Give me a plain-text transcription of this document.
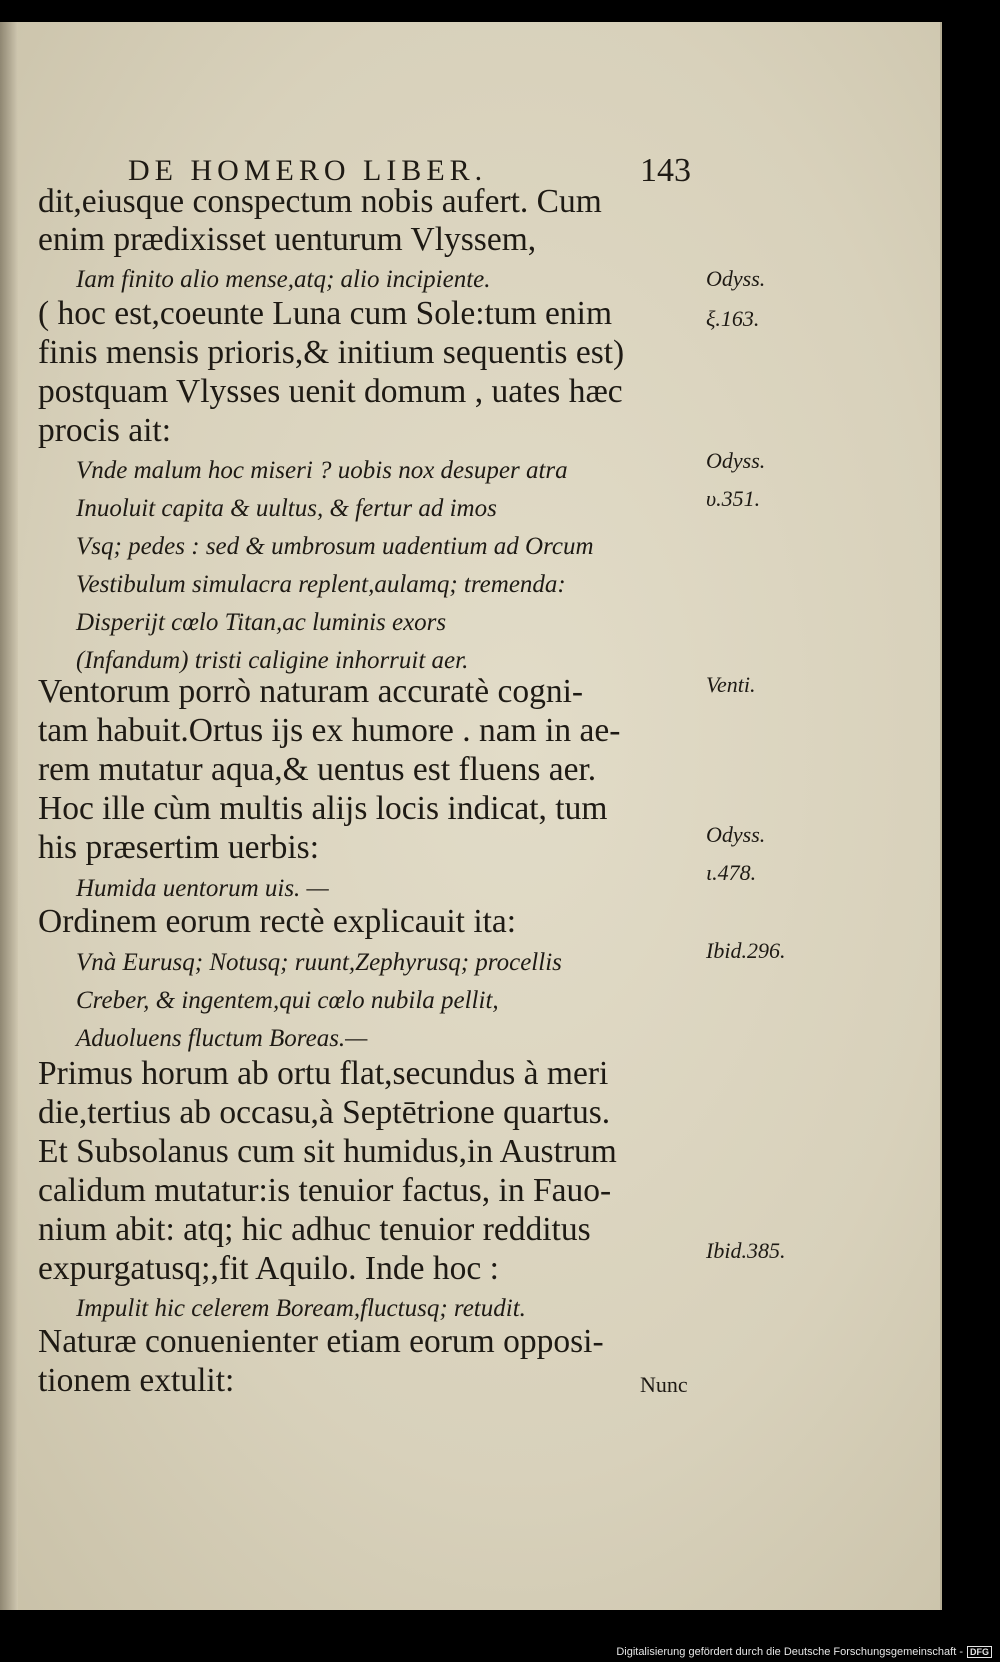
DE HOMERO LIBER.	143

dit,eiusque conspectum nobis aufert. Cum

enim prædixisset uenturum Vlyssem,

Iam finito alio mense,atq; alio incipiente.

( hoc est,coeunte Luna cum Sole:tum enim

finis mensis prioris,& initium sequentis est)

postquam Vlysses uenit domum , uates hæc

procis ait:

Vnde malum hoc miseri ? uobis nox desuper atra

Inuoluit capita & uultus, & fertur ad imos

Vsq; pedes : sed & umbrosum uadentium ad Orcum

Vestibulum simulacra replent,aulamq; tremenda:

Disperijt cœlo Titan,ac luminis exors

(Infandum) tristi caligine inhorruit aer.

Ventorum porrò naturam accuratè cogni-

tam habuit.Ortus ijs ex humore . nam in ae-

rem mutatur aqua,& uentus est fluens aer.

Hoc ille cùm multis alijs locis indicat, tum

his præsertim uerbis:

Humida uentorum uis. —

Ordinem eorum rectè explicauit ita:

Vnà Eurusq; Notusq; ruunt,Zephyrusq; procellis

Creber, & ingentem,qui cœlo nubila pellit,

Aduoluens fluctum Boreas.—

Primus horum ab ortu flat,secundus à meri

die,tertius ab occasu,à Septētrione quartus.

Et Subsolanus cum sit humidus,in Austrum

calidum mutatur:is tenuior factus, in Fauo-

nium abit: atq; hic adhuc tenuior redditus

expurgatusq;,fit Aquilo. Inde hoc :

Impulit hic celerem Boream,fluctusq; retudit.

Naturæ conuenienter etiam eorum opposi-

tionem extulit:

Odyss.

ξ.163.

Odyss.

υ.351.

Venti.

Odyss.

ι.478.

Ibid.296.

Ibid.385.

Nunc

Digitalisierung gefördert durch die Deutsche Forschungsgemeinschaft - DFG
